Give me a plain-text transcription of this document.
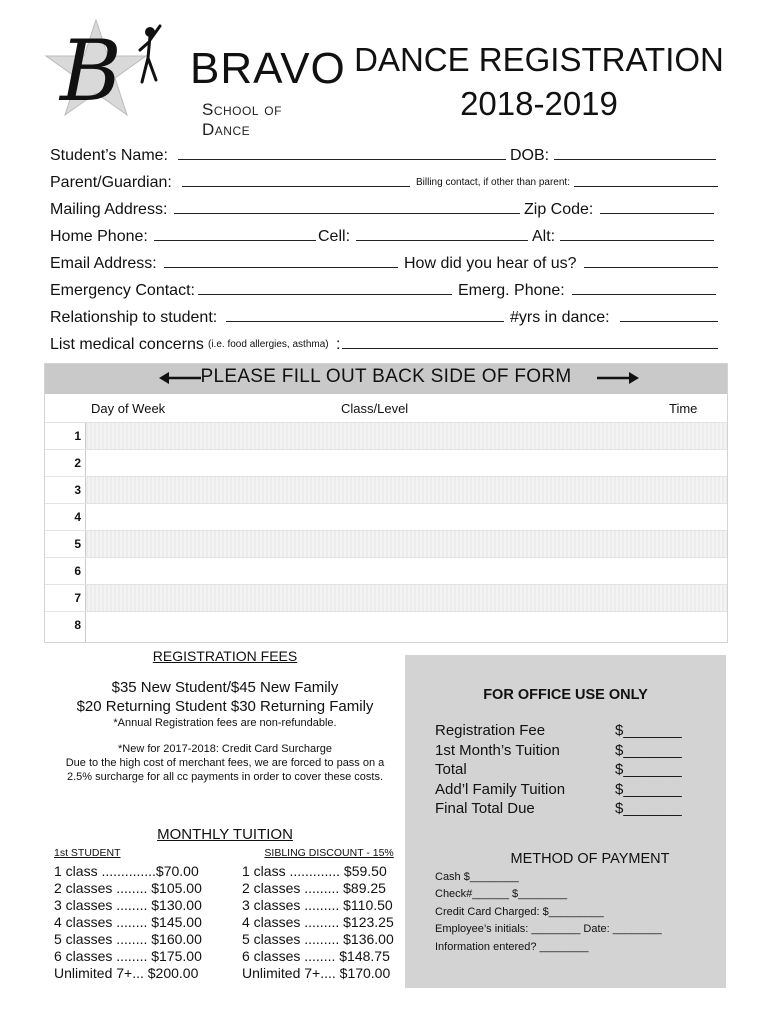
B BRAVO
School of Dance
DANCE REGISTRATION
2018-2019
Student’s Name:	DOB:
Parent/Guardian:	Billing contact, if other than parent:
Mailing Address:	Zip Code:
Home Phone:	Cell:	Alt:
Email Address:	How did you hear of us?
Emergency Contact:	Emerg. Phone:
Relationship to student:	#yrs in dance:
List medical concerns (i.e. food allergies, asthma) :
PLEASE FILL OUT BACK SIDE OF FORM
Day of Week	Class/Level	Time
1
2
3
4
5
6
7
8
REGISTRATION FEES
$35 New Student/$45 New Family
$20 Returning Student $30 Returning Family
*Annual Registration fees are non-refundable.
*New for 2017-2018: Credit Card Surcharge
Due to the high cost of merchant fees, we are forced to pass on a
2.5% surcharge for all cc payments in order to cover these costs.
MONTHLY TUITION
1st STUDENT
1 class ..............$70.00
2 classes ........ $105.00
3 classes ........ $130.00
4 classes ........ $145.00
5 classes ........ $160.00
6 classes ........ $175.00
Unlimited 7+... $200.00
SIBLING DISCOUNT - 15%
1 class ............. $59.50
2 classes ......... $89.25
3 classes ......... $110.50
4 classes ......... $123.25
5 classes ......... $136.00
6 classes ........ $148.75
Unlimited 7+.... $170.00
FOR OFFICE USE ONLY
Registration Fee	$_______
1st Month’s Tuition	$_______
Total	$_______
Add’l Family Tuition	$_______
Final Total Due	$_______
METHOD OF PAYMENT
Cash $________
Check#______ $________
Credit Card Charged: $_________
Employee’s initials: ________ Date: ________
Information entered? ________
